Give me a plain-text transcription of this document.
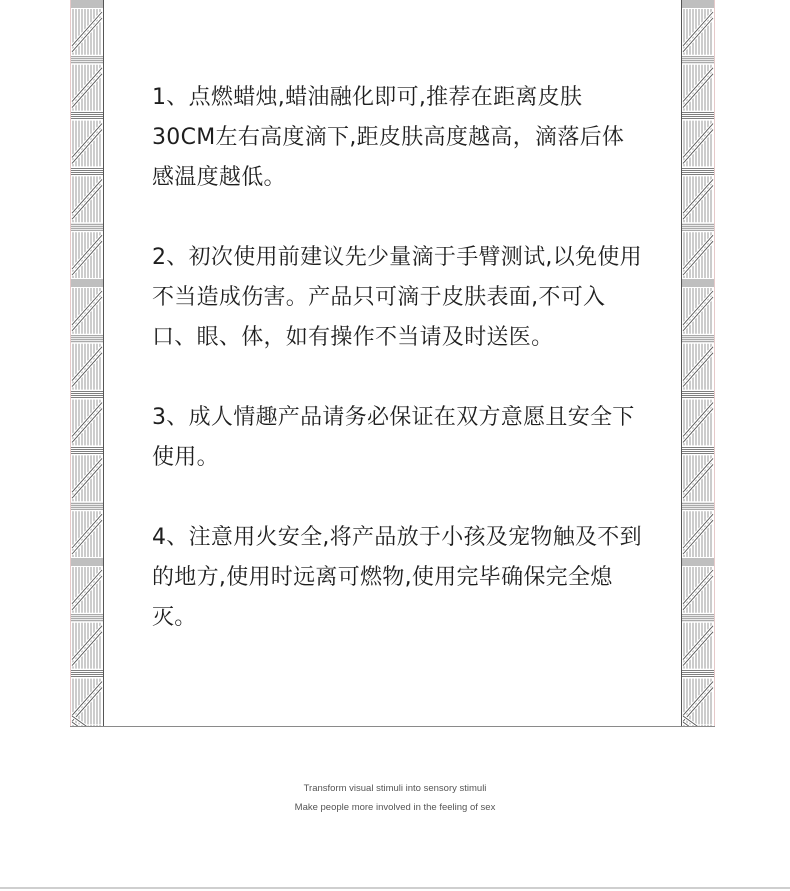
1、点燃蜡烛,蜡油融化即可,推荐在距离皮肤30CM左右高度滴下,距皮肤高度越高，滴落后体感温度越低。

2、初次使用前建议先少量滴于手臂测试,以免使用不当造成伤害。产品只可滴于皮肤表面,不可入口、眼、体，如有操作不当请及时送医。

3、成人情趣产品请务必保证在双方意愿且安全下使用。

4、注意用火安全,将产品放于小孩及宠物触及不到的地方,使用时远离可燃物,使用完毕确保完全熄灭。

Transform visual stimuli into sensory stimuli
Make people more involved in the feeling of sex
